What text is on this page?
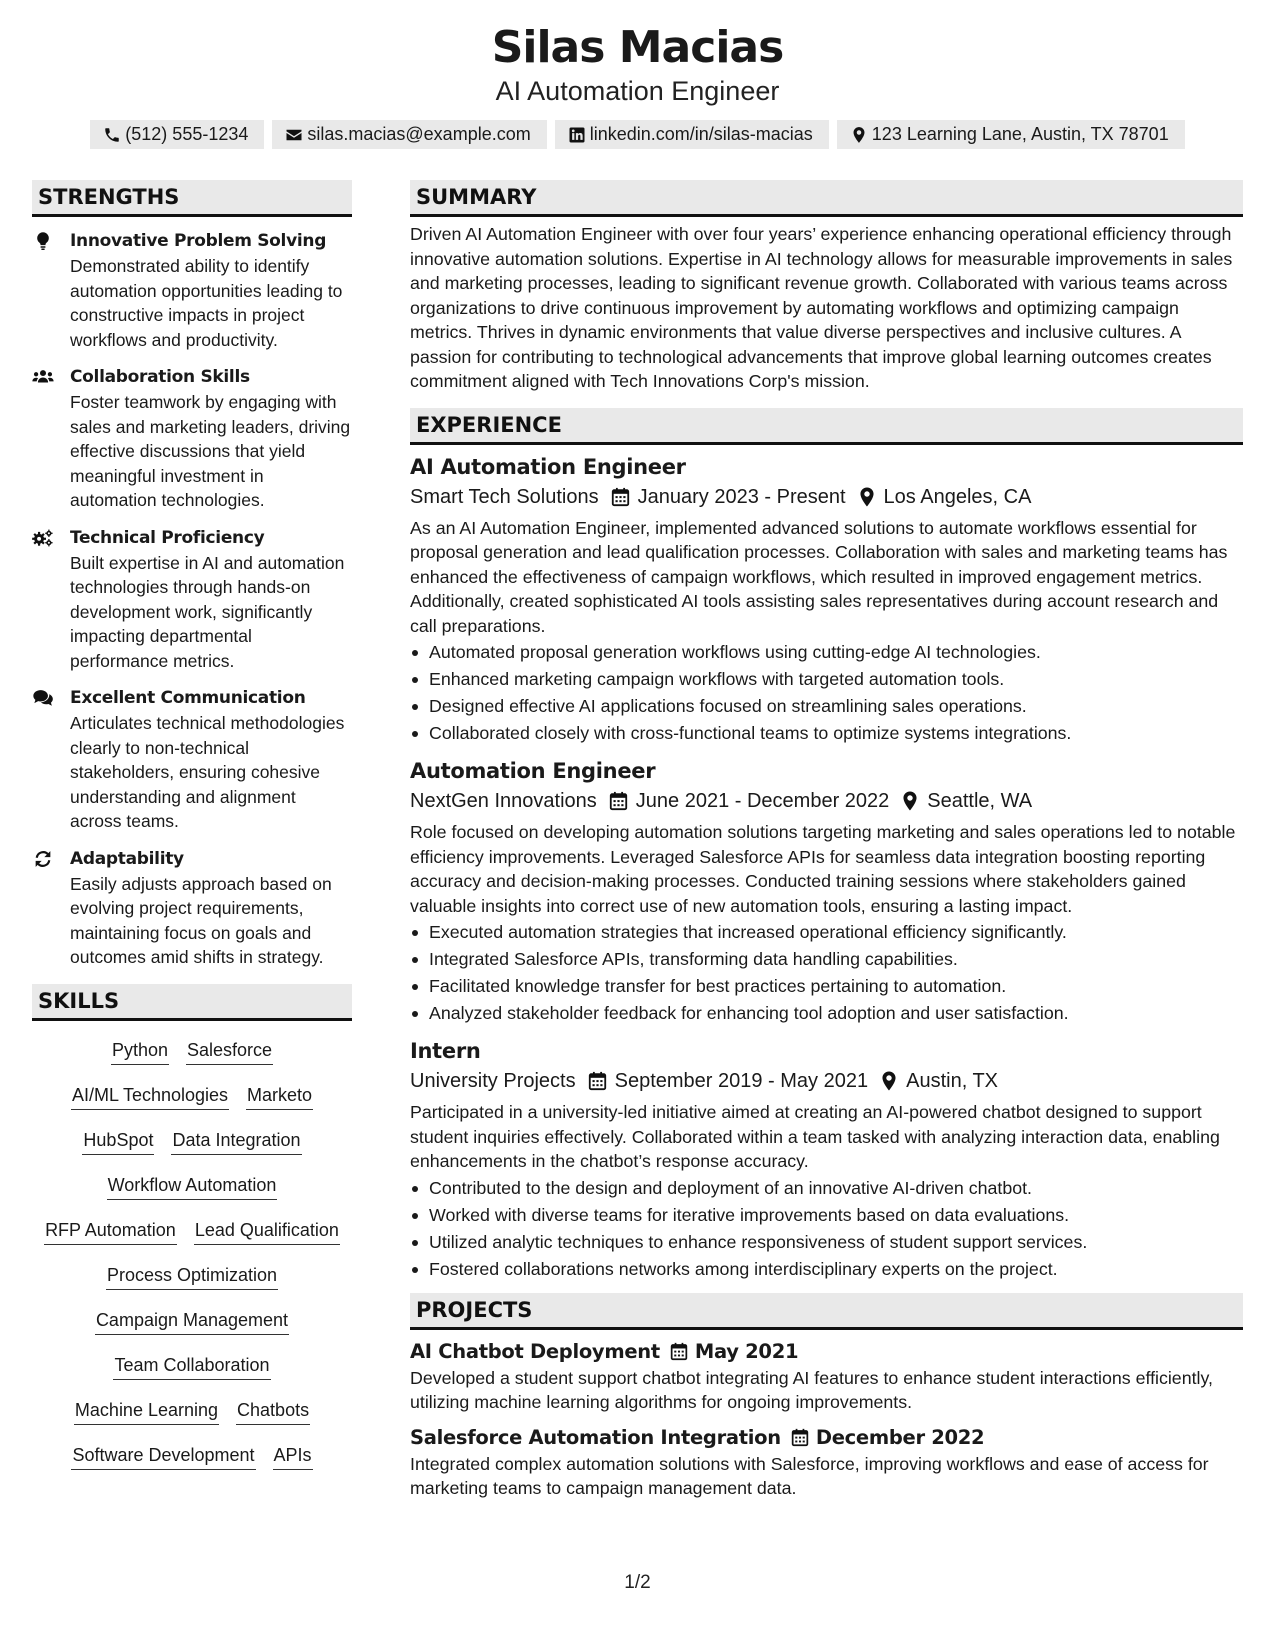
Silas Macias
AI Automation Engineer
(512) 555-1234	silas.macias@example.com	linkedin.com/in/silas-macias	123 Learning Lane, Austin, TX 78701
STRENGTHS
Innovative Problem Solving
Demonstrated ability to identify automation opportunities leading to constructive impacts in project workflows and productivity.
Collaboration Skills
Foster teamwork by engaging with sales and marketing leaders, driving effective discussions that yield meaningful investment in automation technologies.
Technical Proficiency
Built expertise in AI and automation technologies through hands-on development work, significantly impacting departmental performance metrics.
Excellent Communication
Articulates technical methodologies clearly to non-technical stakeholders, ensuring cohesive understanding and alignment across teams.
Adaptability
Easily adjusts approach based on evolving project requirements, maintaining focus on goals and outcomes amid shifts in strategy.
SKILLS
Python Salesforce
AI/ML Technologies Marketo
HubSpot Data Integration
Workflow Automation
RFP Automation Lead Qualification
Process Optimization
Campaign Management
Team Collaboration
Machine Learning Chatbots
Software Development APIs
SUMMARY
Driven AI Automation Engineer with over four years’ experience enhancing operational efficiency through innovative automation solutions. Expertise in AI technology allows for measurable improvements in sales and marketing processes, leading to significant revenue growth. Collaborated with various teams across organizations to drive continuous improvement by automating workflows and optimizing campaign metrics. Thrives in dynamic environments that value diverse perspectives and inclusive cultures. A passion for contributing to technological advancements that improve global learning outcomes creates commitment aligned with Tech Innovations Corp's mission.
EXPERIENCE
AI Automation Engineer
Smart Tech Solutions January 2023 - Present Los Angeles, CA
As an AI Automation Engineer, implemented advanced solutions to automate workflows essential for proposal generation and lead qualification processes. Collaboration with sales and marketing teams has enhanced the effectiveness of campaign workflows, which resulted in improved engagement metrics. Additionally, created sophisticated AI tools assisting sales representatives during account research and call preparations.
Automated proposal generation workflows using cutting-edge AI technologies.
Enhanced marketing campaign workflows with targeted automation tools.
Designed effective AI applications focused on streamlining sales operations.
Collaborated closely with cross-functional teams to optimize systems integrations.
Automation Engineer
NextGen Innovations June 2021 - December 2022 Seattle, WA
Role focused on developing automation solutions targeting marketing and sales operations led to notable efficiency improvements. Leveraged Salesforce APIs for seamless data integration boosting reporting accuracy and decision-making processes. Conducted training sessions where stakeholders gained valuable insights into correct use of new automation tools, ensuring a lasting impact.
Executed automation strategies that increased operational efficiency significantly.
Integrated Salesforce APIs, transforming data handling capabilities.
Facilitated knowledge transfer for best practices pertaining to automation.
Analyzed stakeholder feedback for enhancing tool adoption and user satisfaction.
Intern
University Projects September 2019 - May 2021 Austin, TX
Participated in a university-led initiative aimed at creating an AI-powered chatbot designed to support student inquiries effectively. Collaborated within a team tasked with analyzing interaction data, enabling enhancements in the chatbot’s response accuracy.
Contributed to the design and deployment of an innovative AI-driven chatbot.
Worked with diverse teams for iterative improvements based on data evaluations.
Utilized analytic techniques to enhance responsiveness of student support services.
Fostered collaborations networks among interdisciplinary experts on the project.
PROJECTS
AI Chatbot Deployment May 2021
Developed a student support chatbot integrating AI features to enhance student interactions efficiently, utilizing machine learning algorithms for ongoing improvements.
Salesforce Automation Integration December 2022
Integrated complex automation solutions with Salesforce, improving workflows and ease of access for marketing teams to campaign management data.
1/2
